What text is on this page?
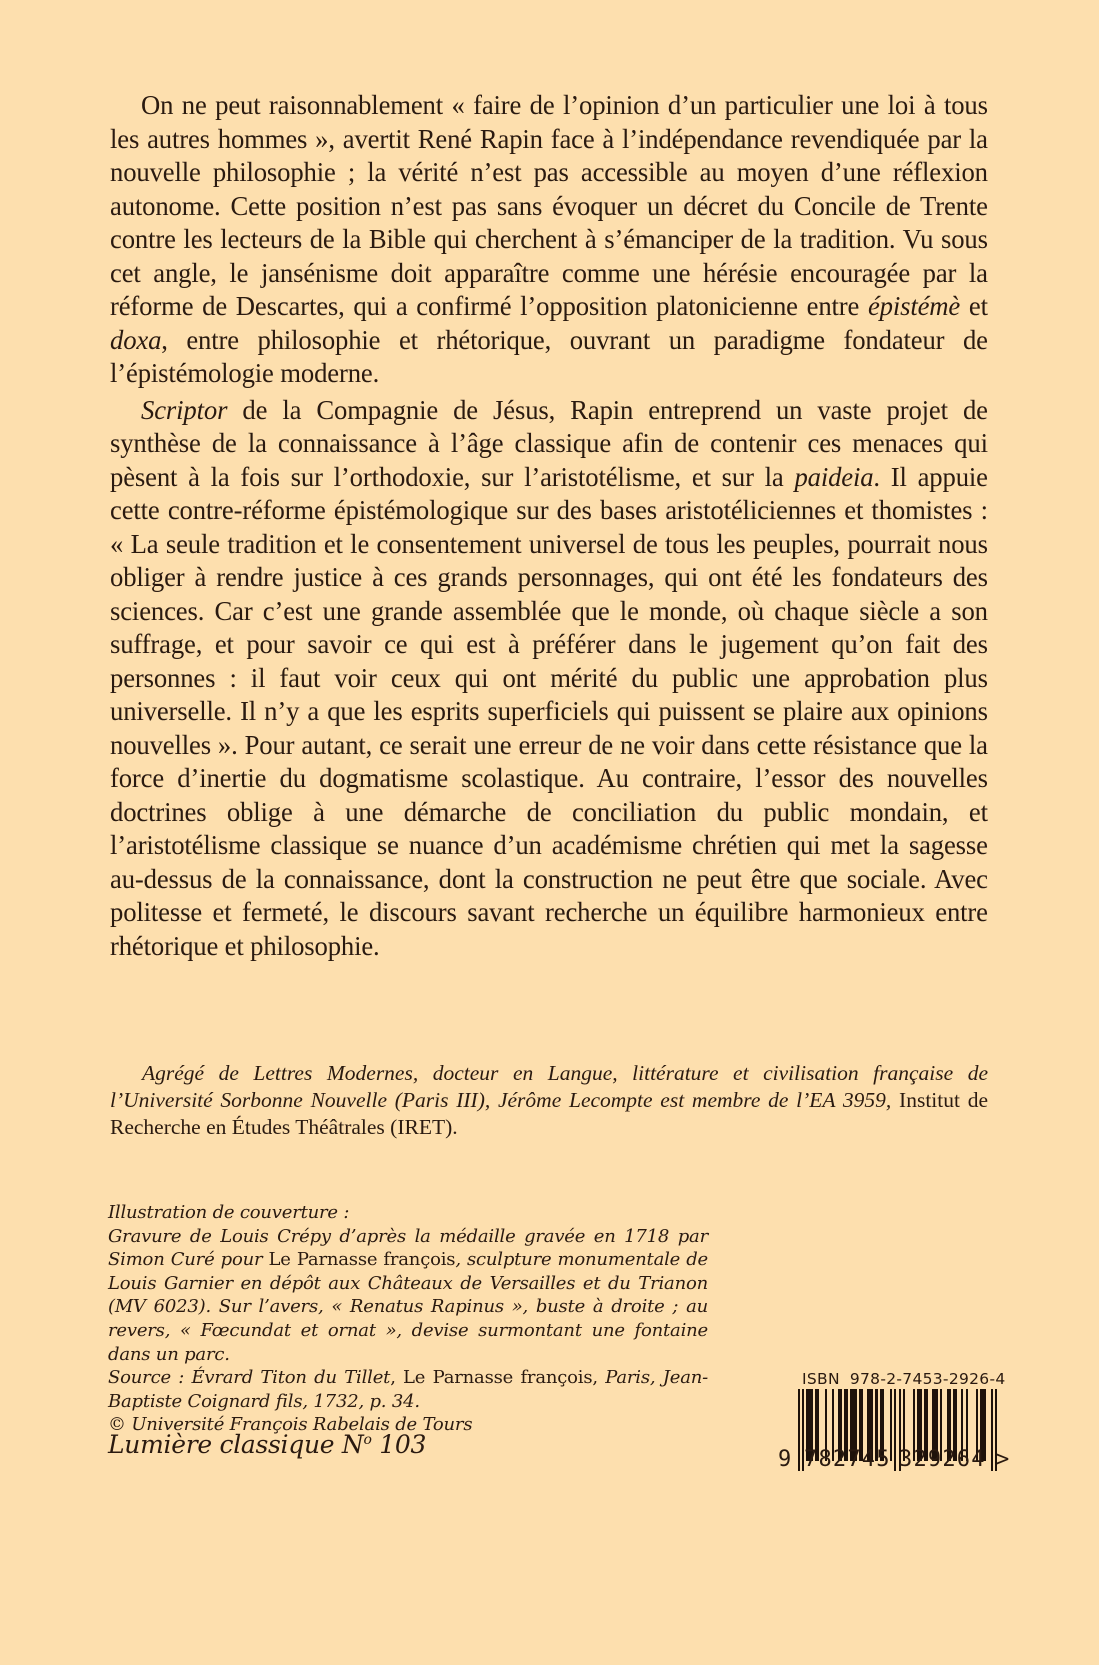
On ne peut raisonnablement « faire de l’opinion d’un particulier une loi à tous les autres hommes », avertit René Rapin face à l’indépendance revendiquée par la nouvelle philosophie ; la vérité n’est pas accessible au moyen d’une réflexion autonome. Cette position n’est pas sans évoquer un décret du Concile de Trente contre les lecteurs de la Bible qui cherchent à s’émanciper de la tradition. Vu sous cet angle, le jansénisme doit apparaître comme une hérésie encouragée par la réforme de Descartes, qui a confirmé l’opposition platonicienne entre épistémè et doxa, entre philosophie et rhétorique, ouvrant un paradigme fondateur de l’épistémologie moderne.

Scriptor de la Compagnie de Jésus, Rapin entreprend un vaste projet de synthèse de la connaissance à l’âge classique afin de contenir ces menaces qui pèsent à la fois sur l’orthodoxie, sur l’aristotélisme, et sur la paideia. Il appuie cette contre-réforme épistémologique sur des bases aristotéliciennes et thomistes : « La seule tradition et le consentement universel de tous les peuples, pourrait nous obliger à rendre justice à ces grands personnages, qui ont été les fondateurs des sciences. Car c’est une grande assemblée que le monde, où chaque siècle a son suffrage, et pour savoir ce qui est à préférer dans le jugement qu’on fait des personnes : il faut voir ceux qui ont mérité du public une approbation plus universelle. Il n’y a que les esprits superficiels qui puissent se plaire aux opinions nouvelles ». Pour autant, ce serait une erreur de ne voir dans cette résistance que la force d’inertie du dogmatisme scolastique. Au contraire, l’essor des nouvelles doctrines oblige à une démarche de conciliation du public mondain, et l’aristotélisme classique se nuance d’un académisme chrétien qui met la sagesse au-dessus de la connaissance, dont la construction ne peut être que sociale. Avec politesse et fermeté, le discours savant recherche un équilibre harmonieux entre rhétorique et philosophie.

Agrégé de Lettres Modernes, docteur en Langue, littérature et civilisation française de l’Université Sorbonne Nouvelle (Paris III), Jérôme Lecompte est membre de l’EA 3959, Institut de Recherche en Études Théâtrales (IRET).

Illustration de couverture :

Gravure de Louis Crépy d’après la médaille gravée en 1718 par Simon Curé pour Le Parnasse françois, sculpture monumentale de Louis Garnier en dépôt aux Châteaux de Versailles et du Trianon (MV 6023). Sur l’avers, « Renatus Rapinus », buste à droite ; au revers, « Fœcundat et ornat », devise surmontant une fontaine dans un parc.

Source : Évrard Titon du Tillet, Le Parnasse françois, Paris, Jean-Baptiste Coignard fils, 1732, p. 34.

© Université François Rabelais de Tours

Lumière classique $N^o$ 103
ISBN 978-2-7453-2926-4
9 782745 329264 >
